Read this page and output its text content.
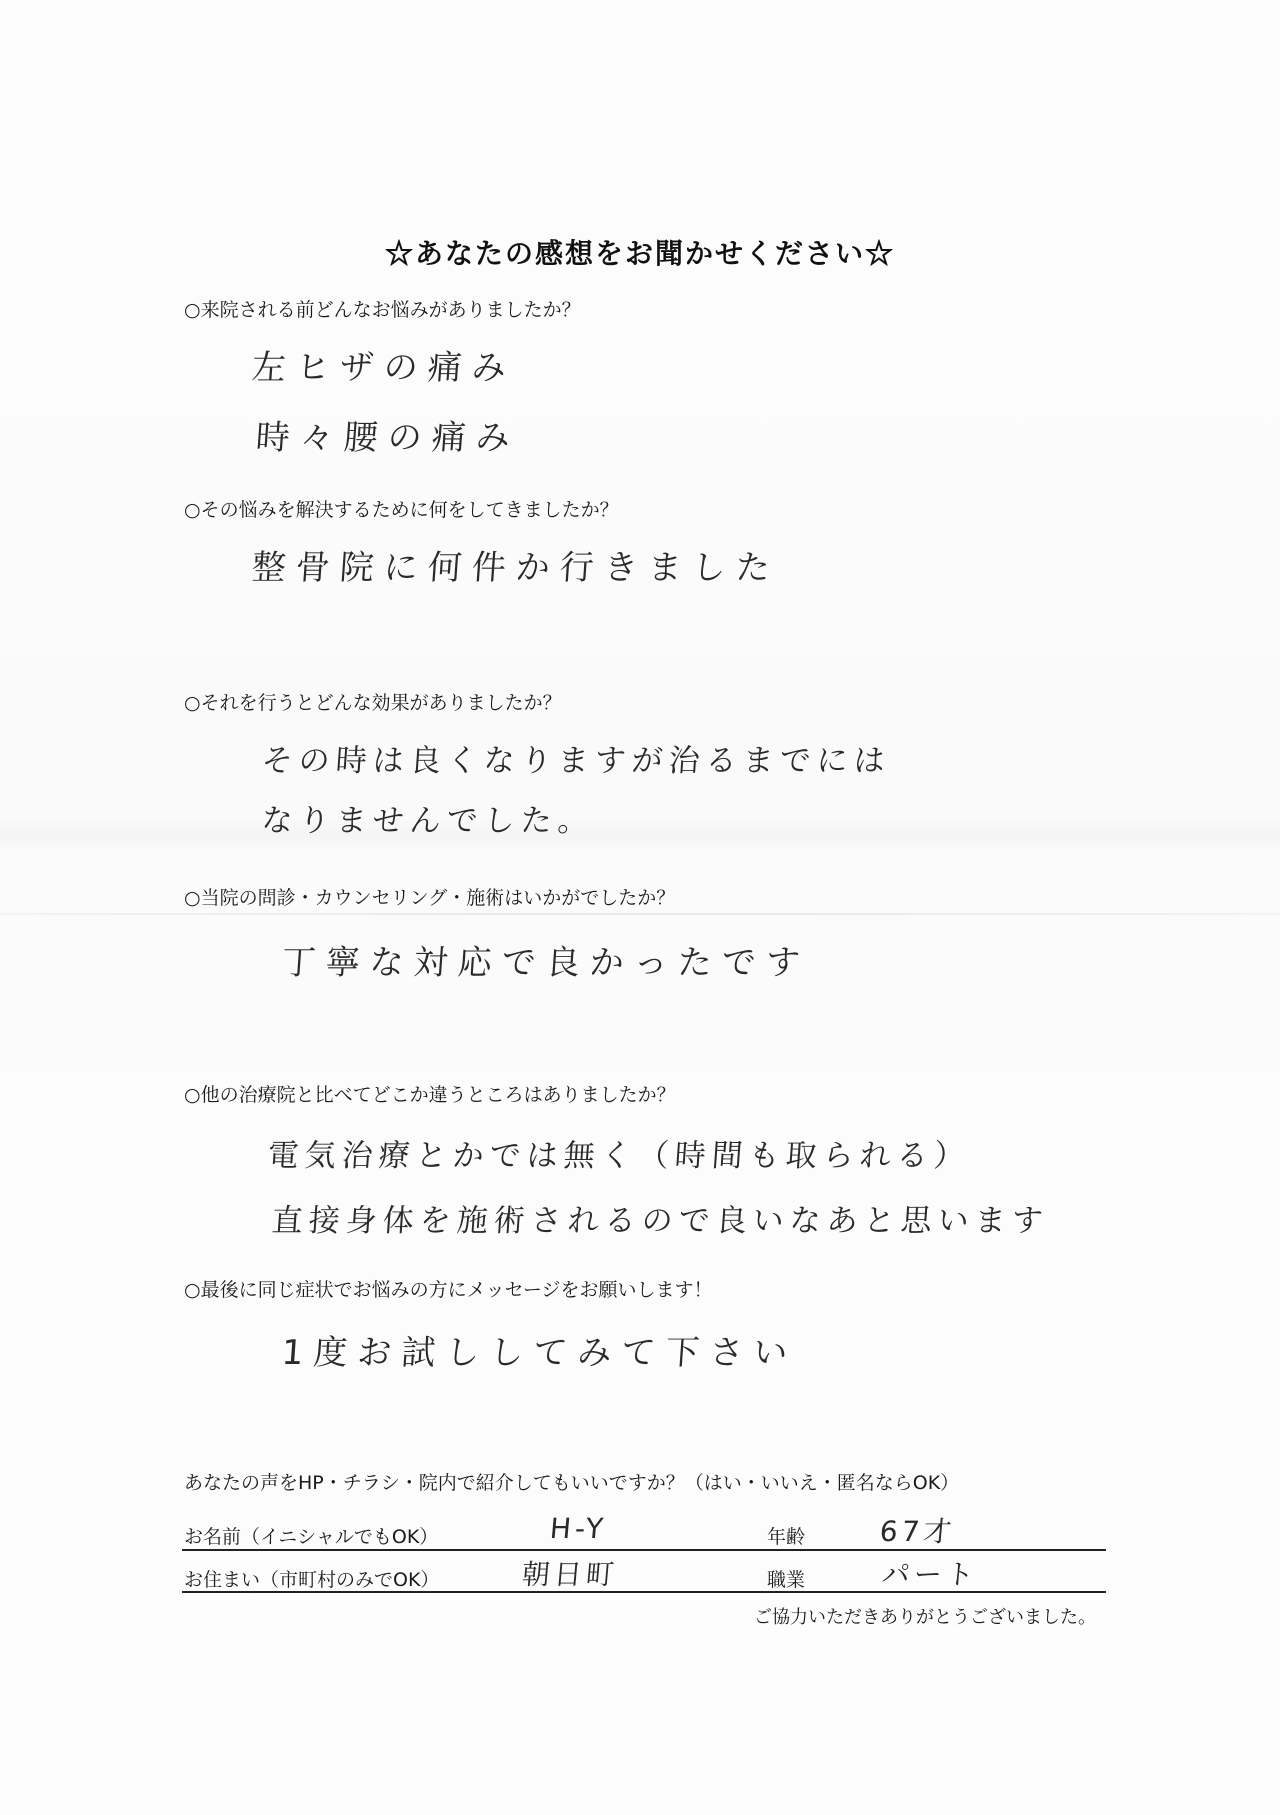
☆あなたの感想をお聞かせください☆
○来院される前どんなお悩みがありましたか？
左ヒザの痛み
時々腰の痛み
○その悩みを解決するために何をしてきましたか？
整骨院に何件か行きました
○それを行うとどんな効果がありましたか？
その時は良くなりますが治るまでには
なりませんでした。
○当院の問診・カウンセリング・施術はいかがでしたか？
丁寧な対応で良かったです
○他の治療院と比べてどこか違うところはありましたか？
電気治療とかでは無く（時間も取られる）
直接身体を施術されるので良いなあと思います
○最後に同じ症状でお悩みの方にメッセージをお願いします！
1度お試ししてみて下さい
あなたの声をHP・チラシ・院内で紹介してもいいですか？（はい・いいえ・匿名ならOK）
お名前（イニシャルでもOK）	H-Y	年齢	67才
お住まい（市町村のみでOK）	朝日町	職業	パート
ご協力いただきありがとうございました。
